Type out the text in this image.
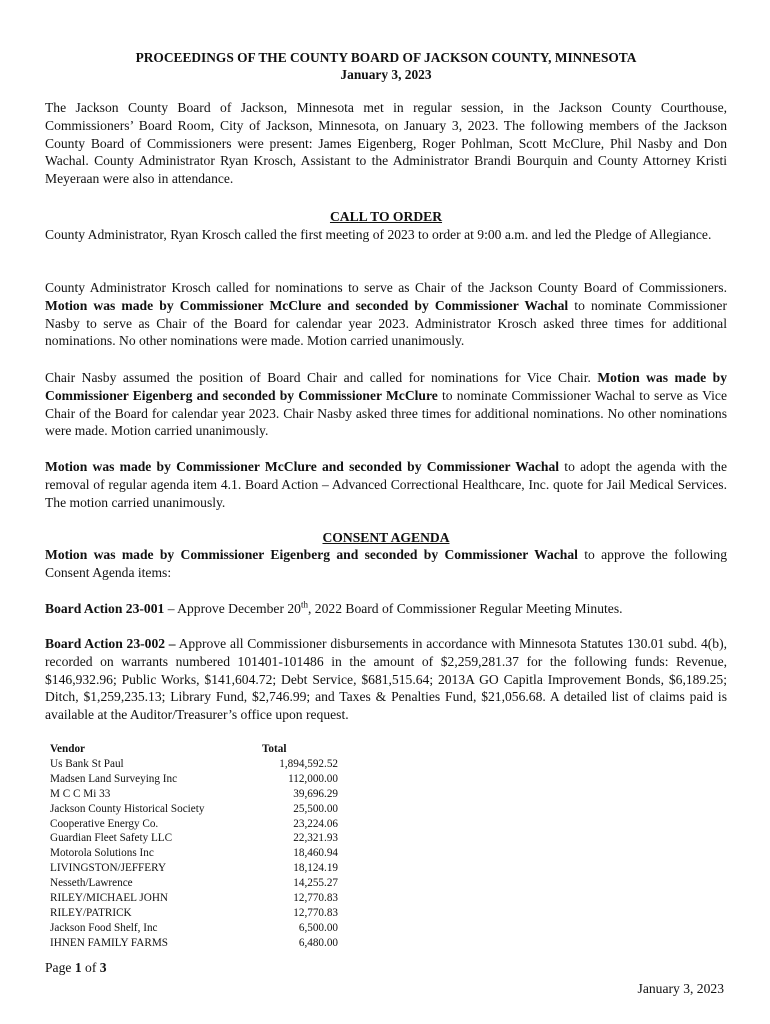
PROCEEDINGS OF THE COUNTY BOARD OF JACKSON COUNTY, MINNESOTA
January 3, 2023

The Jackson County Board of Jackson, Minnesota met in regular session, in the Jackson County Courthouse, Commissioners’ Board Room, City of Jackson, Minnesota, on January 3, 2023. The following members of the Jackson County Board of Commissioners were present: James Eigenberg, Roger Pohlman, Scott McClure, Phil Nasby and Don Wachal. County Administrator Ryan Krosch, Assistant to the Administrator Brandi Bourquin and County Attorney Kristi Meyeraan were also in attendance.

CALL TO ORDER

County Administrator, Ryan Krosch called the first meeting of 2023 to order at 9:00 a.m. and led the Pledge of Allegiance.

County Administrator Krosch called for nominations to serve as Chair of the Jackson County Board of Commissioners. Motion was made by Commissioner McClure and seconded by Commissioner Wachal to nominate Commissioner Nasby to serve as Chair of the Board for calendar year 2023. Administrator Krosch asked three times for additional nominations. No other nominations were made. Motion carried unanimously.

Chair Nasby assumed the position of Board Chair and called for nominations for Vice Chair. Motion was made by Commissioner Eigenberg and seconded by Commissioner McClure to nominate Commissioner Wachal to serve as Vice Chair of the Board for calendar year 2023. Chair Nasby asked three times for additional nominations. No other nominations were made. Motion carried unanimously.

Motion was made by Commissioner McClure and seconded by Commissioner Wachal to adopt the agenda with the removal of regular agenda item 4.1. Board Action – Advanced Correctional Healthcare, Inc. quote for Jail Medical Services. The motion carried unanimously.

CONSENT AGENDA

Motion was made by Commissioner Eigenberg and seconded by Commissioner Wachal to approve the following Consent Agenda items:

Board Action 23-001 – Approve December 20th, 2022 Board of Commissioner Regular Meeting Minutes.

Board Action 23-002 – Approve all Commissioner disbursements in accordance with Minnesota Statutes 130.01 subd. 4(b), recorded on warrants numbered 101401-101486 in the amount of $2,259,281.37 for the following funds: Revenue, $146,932.96; Public Works, $141,604.72; Debt Service, $681,515.64; 2013A GO Capitla Improvement Bonds, $6,189.25; Ditch, $1,259,235.13; Library Fund, $2,746.99; and Taxes & Penalties Fund, $21,056.68. A detailed list of claims paid is available at the Auditor/Treasurer’s office upon request.

Vendor	Total
Us Bank St Paul	1,894,592.52
Madsen Land Surveying Inc	112,000.00
M C C Mi 33	39,696.29
Jackson County Historical Society	25,500.00
Cooperative Energy Co.	23,224.06
Guardian Fleet Safety LLC	22,321.93
Motorola Solutions Inc	18,460.94
LIVINGSTON/JEFFERY	18,124.19
Nesseth/Lawrence	14,255.27
RILEY/MICHAEL JOHN	12,770.83
RILEY/PATRICK	12,770.83
Jackson Food Shelf, Inc	6,500.00
IHNEN FAMILY FARMS	6,480.00
Page 1 of 3
January 3, 2023
